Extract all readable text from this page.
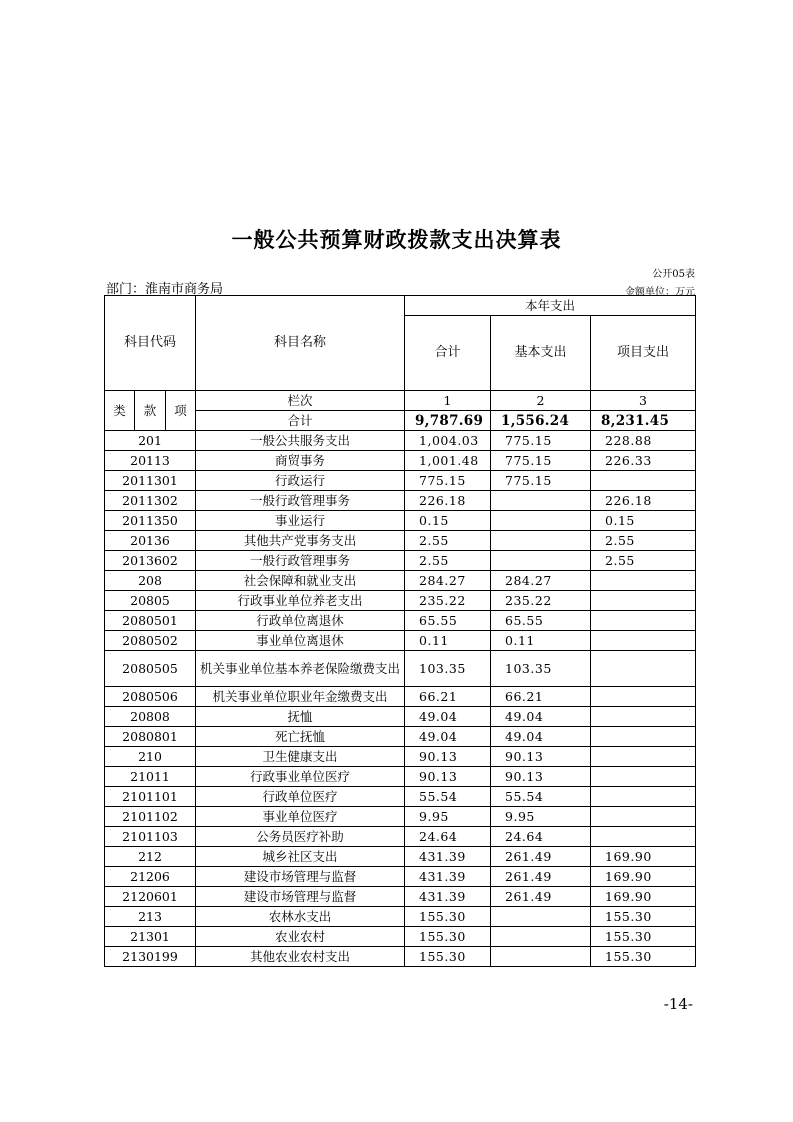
一般公共预算财政拨款支出决算表
公开05表
部门：淮南市商务局	金额单位：万元
科目代码			科目名称	本年支出		
				合计	基本支出	项目支出
类	款	项	栏次	1	2	3
			合计	9,787.69	1,556.24	8,231.45
201			一般公共服务支出	1,004.03	775.15	228.88
20113			商贸事务	1,001.48	775.15	226.33
2011301			行政运行	775.15	775.15	
2011302			一般行政管理事务	226.18		226.18
2011350			事业运行	0.15		0.15
20136			其他共产党事务支出	2.55		2.55
2013602			一般行政管理事务	2.55		2.55
208			社会保障和就业支出	284.27	284.27	
20805			行政事业单位养老支出	235.22	235.22	
2080501			行政单位离退休	65.55	65.55	
2080502			事业单位离退休	0.11	0.11	
2080505			机关事业单位基本养老保险缴费支出	103.35	103.35	
2080506			机关事业单位职业年金缴费支出	66.21	66.21	
20808			抚恤	49.04	49.04	
2080801			死亡抚恤	49.04	49.04	
210			卫生健康支出	90.13	90.13	
21011			行政事业单位医疗	90.13	90.13	
2101101			行政单位医疗	55.54	55.54	
2101102			事业单位医疗	9.95	9.95	
2101103			公务员医疗补助	24.64	24.64	
212			城乡社区支出	431.39	261.49	169.90
21206			建设市场管理与监督	431.39	261.49	169.90
2120601			建设市场管理与监督	431.39	261.49	169.90
213			农林水支出	155.30		155.30
21301			农业农村	155.30		155.30
2130199			其他农业农村支出	155.30		155.30
-14-
